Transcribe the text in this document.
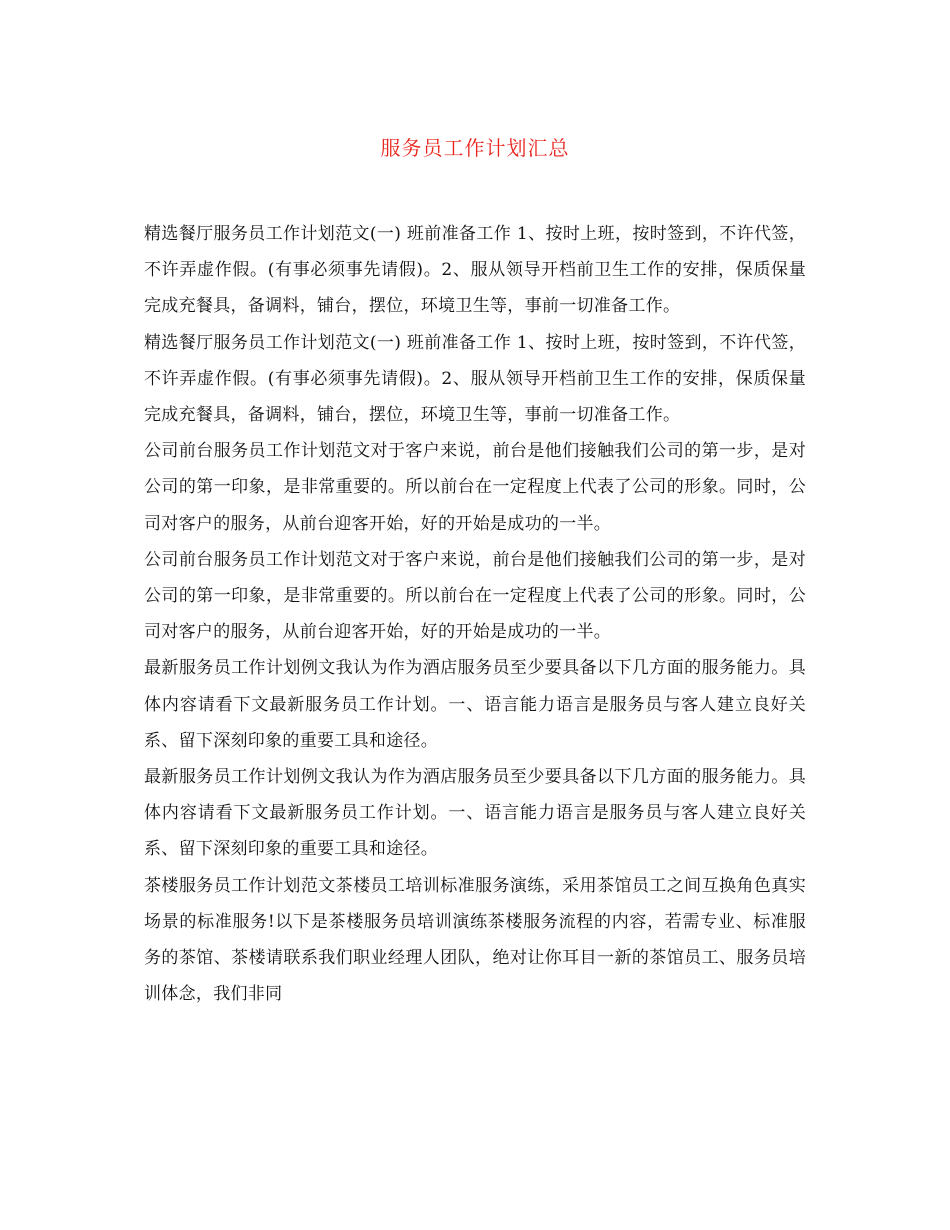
服务员工作计划汇总

精选餐厅服务员工作计划范文(一) 班前准备工作 1、按时上班，按时签到，不许代签，不许弄虚作假。(有事必须事先请假)。2、服从领导开档前卫生工作的安排，保质保量完成充餐具，备调料，铺台，摆位，环境卫生等，事前一切准备工作。

精选餐厅服务员工作计划范文(一) 班前准备工作 1、按时上班，按时签到，不许代签，不许弄虚作假。(有事必须事先请假)。2、服从领导开档前卫生工作的安排，保质保量完成充餐具，备调料，铺台，摆位，环境卫生等，事前一切准备工作。

公司前台服务员工作计划范文对于客户来说，前台是他们接触我们公司的第一步，是对公司的第一印象，是非常重要的。所以前台在一定程度上代表了公司的形象。同时，公司对客户的服务，从前台迎客开始，好的开始是成功的一半。

公司前台服务员工作计划范文对于客户来说，前台是他们接触我们公司的第一步，是对公司的第一印象，是非常重要的。所以前台在一定程度上代表了公司的形象。同时，公司对客户的服务，从前台迎客开始，好的开始是成功的一半。

最新服务员工作计划例文我认为作为酒店服务员至少要具备以下几方面的服务能力。具体内容请看下文最新服务员工作计划。一、语言能力语言是服务员与客人建立良好关系、留下深刻印象的重要工具和途径。

最新服务员工作计划例文我认为作为酒店服务员至少要具备以下几方面的服务能力。具体内容请看下文最新服务员工作计划。一、语言能力语言是服务员与客人建立良好关系、留下深刻印象的重要工具和途径。

茶楼服务员工作计划范文茶楼员工培训标准服务演练，采用茶馆员工之间互换角色真实场景的标准服务!以下是茶楼服务员培训演练茶楼服务流程的内容，若需专业、标准服务的茶馆、茶楼请联系我们职业经理人团队，绝对让你耳目一新的茶馆员工、服务员培训体念，我们非同
